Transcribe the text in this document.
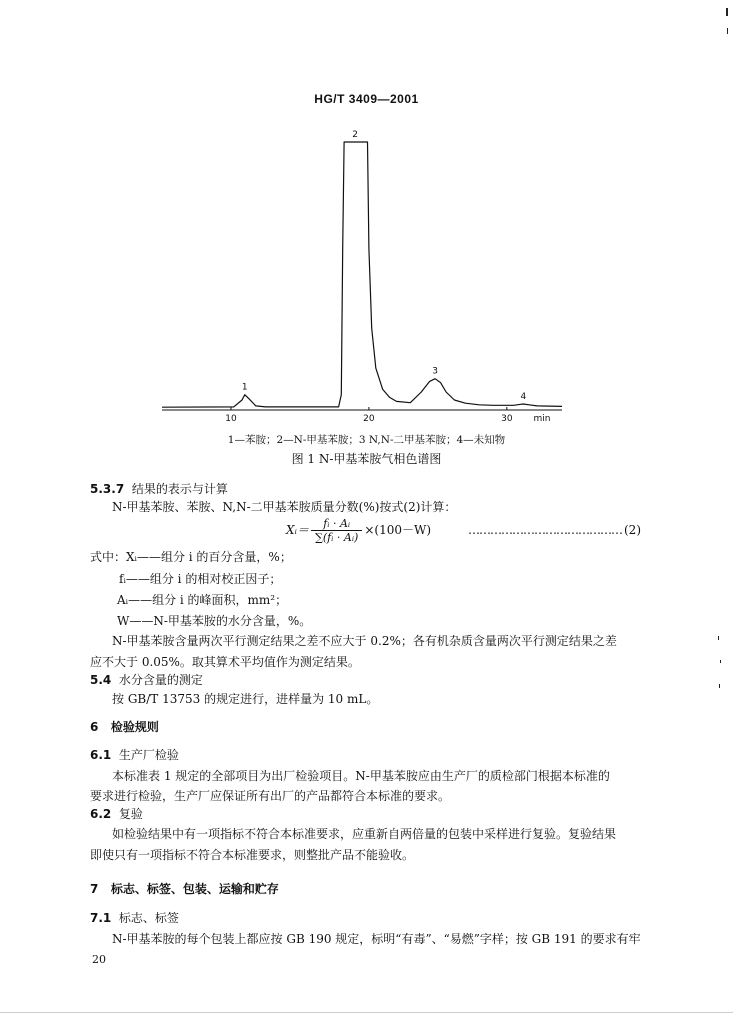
HG/T 3409—2001
10	20	30 min
1
2
3
4
1—苯胺；2—N-甲基苯胺；3 N,N-二甲基苯胺；4—未知物
图 1 N-甲基苯胺气相色谱图
5.3.7 结果的表示与计算
N-甲基苯胺、苯胺、N,N-二甲基苯胺质量分数(%)按式(2)计算：
Xᵢ＝ $\frac{\text{fᵢ · Aᵢ}}{\text{∑(fᵢ · Aᵢ)}} \times(100-W)$	…………………………………… (2)
式中：Xᵢ——组分 i 的百分含量，%；
fᵢ——组分 i 的相对校正因子；
Aᵢ——组分 i 的峰面积，mm²；
W——N-甲基苯胺的水分含量，%。
N-甲基苯胺含量两次平行测定结果之差不应大于 0.2%；各有机杂质含量两次平行测定结果之差
应不大于 0.05%。取其算术平均值作为测定结果。
5.4 水分含量的测定
按 GB/T 13753 的规定进行，进样量为 10 mL。
6 检验规则
6.1 生产厂检验
本标准表 1 规定的全部项目为出厂检验项目。N-甲基苯胺应由生产厂的质检部门根据本标准的
要求进行检验，生产厂应保证所有出厂的产品都符合本标准的要求。
6.2 复验
如检验结果中有一项指标不符合本标准要求，应重新自两倍量的包装中采样进行复验。复验结果
即使只有一项指标不符合本标准要求，则整批产品不能验收。
7 标志、标签、包装、运输和贮存
7.1 标志、标签
N-甲基苯胺的每个包装上都应按 GB 190 规定，标明“有毒”、“易燃”字样；按 GB 191 的要求有牢
20
